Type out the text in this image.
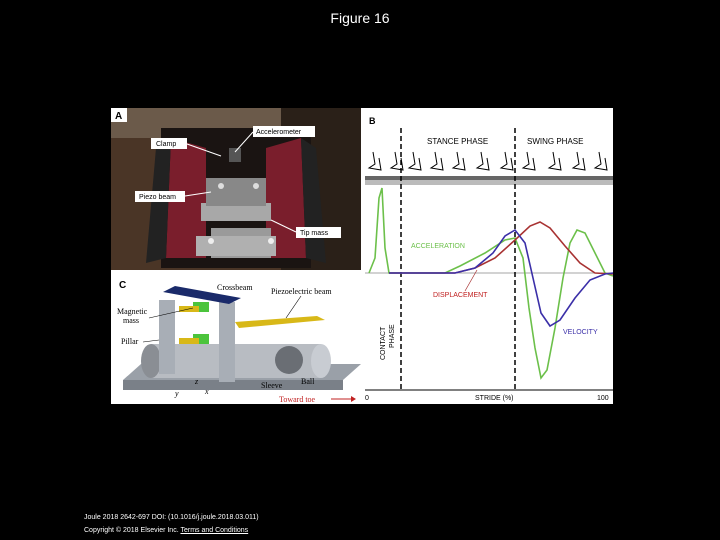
Figure 16
A
Accelerometer
Clamp
Piezo beam
Tip mass
C	Crossbeam Piezoelectric beam
Magnetic
mass
Pillar
z
y	x
Sleeve Ball
Toward toe
B
STANCE PHASE	SWING PHASE
ACCELERATION
DISPLACEMENT
VELOCITY
CONTACT PHASE
0	100
STRIDE (%)
Joule 2018 2642-697 DOI: (10.1016/j.joule.2018.03.011)
Copyright © 2018 Elsevier Inc. Terms and Conditions
